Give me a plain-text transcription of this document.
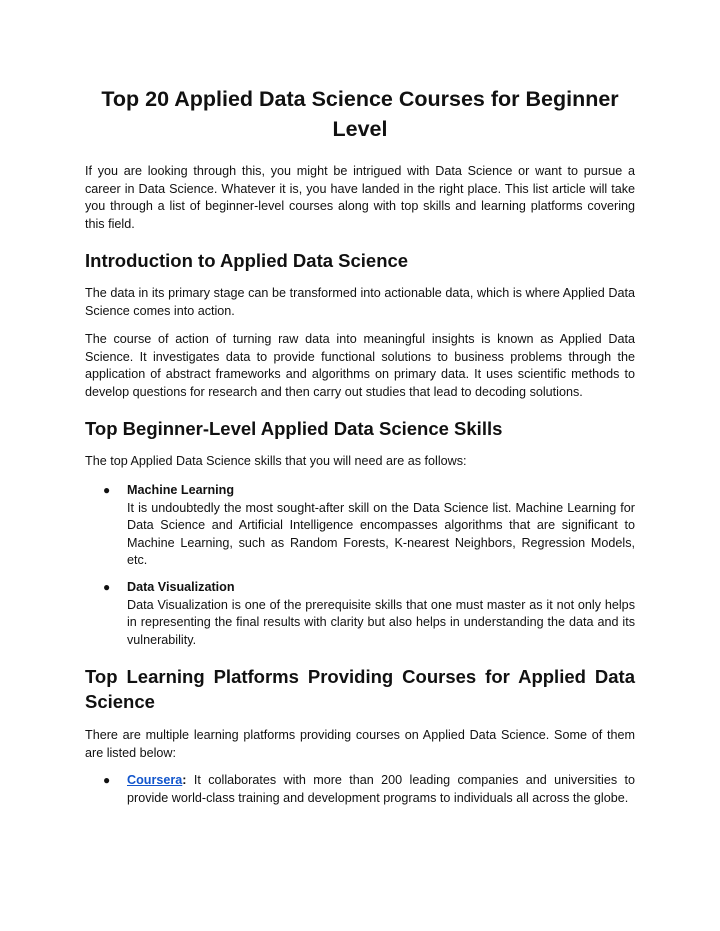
Top 20 Applied Data Science Courses for Beginner Level

If you are looking through this, you might be intrigued with Data Science or want to pursue a career in Data Science. Whatever it is, you have landed in the right place. This list article will take you through a list of beginner-level courses along with top skills and learning platforms covering this field.

Introduction to Applied Data Science

The data in its primary stage can be transformed into actionable data, which is where Applied Data Science comes into action.

The course of action of turning raw data into meaningful insights is known as Applied Data Science. It investigates data to provide functional solutions to business problems through the application of abstract frameworks and algorithms on primary data. It uses scientific methods to develop questions for research and then carry out studies that lead to decoding solutions.

Top Beginner-Level Applied Data Science Skills

The top Applied Data Science skills that you will need are as follows:

● Machine Learning
It is undoubtedly the most sought-after skill on the Data Science list. Machine Learning for Data Science and Artificial Intelligence encompasses algorithms that are significant to Machine Learning, such as Random Forests, K-nearest Neighbors, Regression Models, etc.
● Data Visualization
Data Visualization is one of the prerequisite skills that one must master as it not only helps in representing the final results with clarity but also helps in understanding the data and its vulnerability.
Top Learning Platforms Providing Courses for Applied Data Science

There are multiple learning platforms providing courses on Applied Data Science. Some of them are listed below:

● Coursera: It collaborates with more than 200 leading companies and universities to provide world-class training and development programs to individuals all across the globe.
